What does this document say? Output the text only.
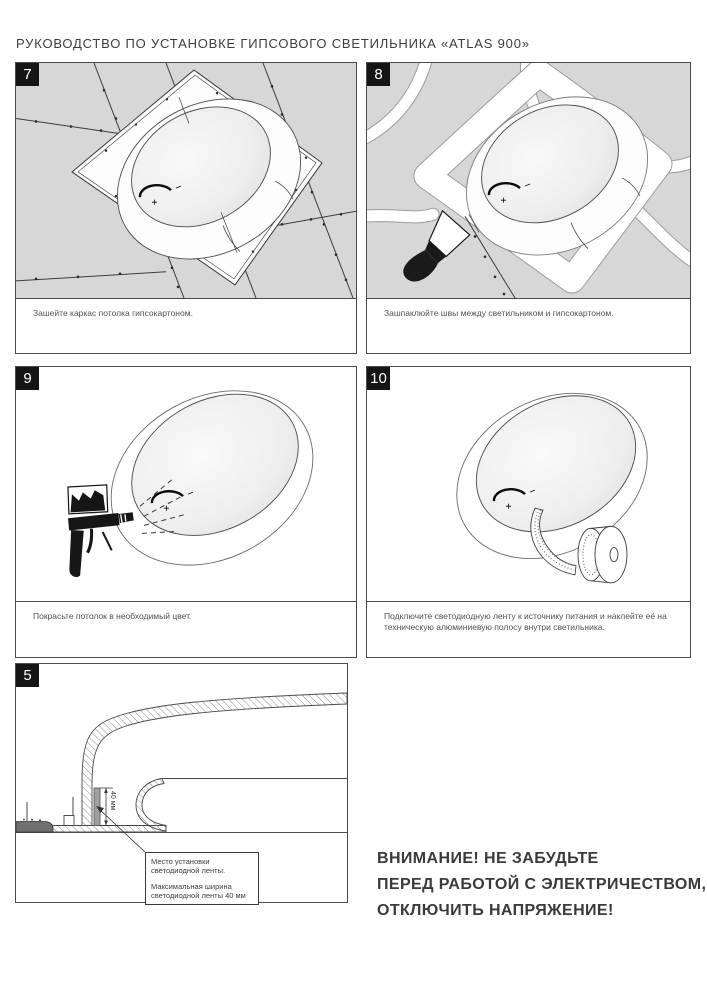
РУКОВОДСТВО ПО УСТАНОВКЕ ГИПСОВОГО СВЕТИЛЬНИКА «ATLAS 900»
7
Зашейте каркас потолка гипсокартоном.
8
Зашпаклюйте швы между светильником и гипсокартоном.
9
Покрасьте потолок в необходимый цвет.
10
Подключите светодиодную ленту к источнику питания и наклейте её на техническую алюминиевую полосу внутри светильника.
5
40 мм
Место установки
светодиодной ленты.
Максимальная ширина
светодиодной ленты 40 мм
ВНИМАНИЕ! НЕ ЗАБУДЬТЕ
ПЕРЕД РАБОТОЙ С ЭЛЕКТРИЧЕСТВОМ,
ОТКЛЮЧИТЬ НАПРЯЖЕНИЕ!
